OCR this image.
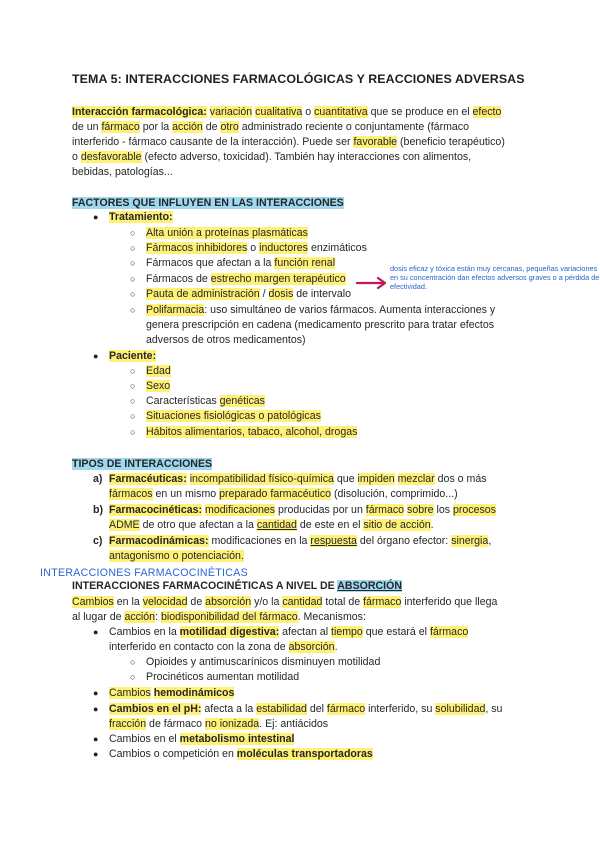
TEMA 5: INTERACCIONES FARMACOLÓGICAS Y REACCIONES ADVERSAS
Interacción farmacológica: variación cualitativa o cuantitativa que se produce en el efecto
de un fármaco por la acción de otro administrado reciente o conjuntamente (fármaco
interferido - fármaco causante de la interacción). Puede ser favorable (beneficio terapéutico)
o desfavorable (efecto adverso, toxicidad). También hay interacciones con alimentos,
bebidas, patologías...
FACTORES QUE INFLUYEN EN LAS INTERACCIONES
● Tratamiento:
○ Alta unión a proteínas plasmáticas
○ Fármacos inhibidores o inductores enzimáticos
○ Fármacos que afectan a la función renal
○ Fármacos de estrecho margen terapéutico
dosis eficaz y tóxica están muy cercanas, pequeñas variaciones en su concentración dan efectos adversos graves o a pérdida de efectividad.
○ Pauta de administración / dosis de intervalo
○ Polifarmacia: uso simultáneo de varios fármacos. Aumenta interacciones y
genera prescripción en cadena (medicamento prescrito para tratar efectos
adversos de otros medicamentos)
● Paciente:
○ Edad
○ Sexo
○ Características genéticas
○ Situaciones fisiológicas o patológicas
○ Hábitos alimentarios, tabaco, alcohol, drogas
TIPOS DE INTERACCIONES
a) Farmacéuticas: incompatibilidad físico-química que impiden mezclar dos o más
fármacos en un mismo preparado farmacéutico (disolución, comprimido...)
b) Farmacocinéticas: modificaciones producidas por un fármaco sobre los procesos
ADME de otro que afectan a la cantidad de este en el sitio de acción.
c) Farmacodinámicas: modificaciones en la respuesta del órgano efector: sinergia,
antagonismo o potenciación.
INTERACCIONES FARMACOCINÉTICAS
INTERACCIONES FARMACOCINÉTICAS A NIVEL DE ABSORCIÓN
Cambios en la velocidad de absorción y/o la cantidad total de fármaco interferido que llega
al lugar de acción: biodisponibilidad del fármaco. Mecanismos:
● Cambios en la motilidad digestiva: afectan al tiempo que estará el fármaco
interferido en contacto con la zona de absorción.
○ Opioides y antimuscarínicos disminuyen motilidad
○ Procinéticos aumentan motilidad
● Cambios hemodinámicos
● Cambios en el pH: afecta a la estabilidad del fármaco interferido, su solubilidad, su
fracción de fármaco no ionizada. Ej: antiácidos
● Cambios en el metabolismo intestinal
● Cambios o competición en moléculas transportadoras
